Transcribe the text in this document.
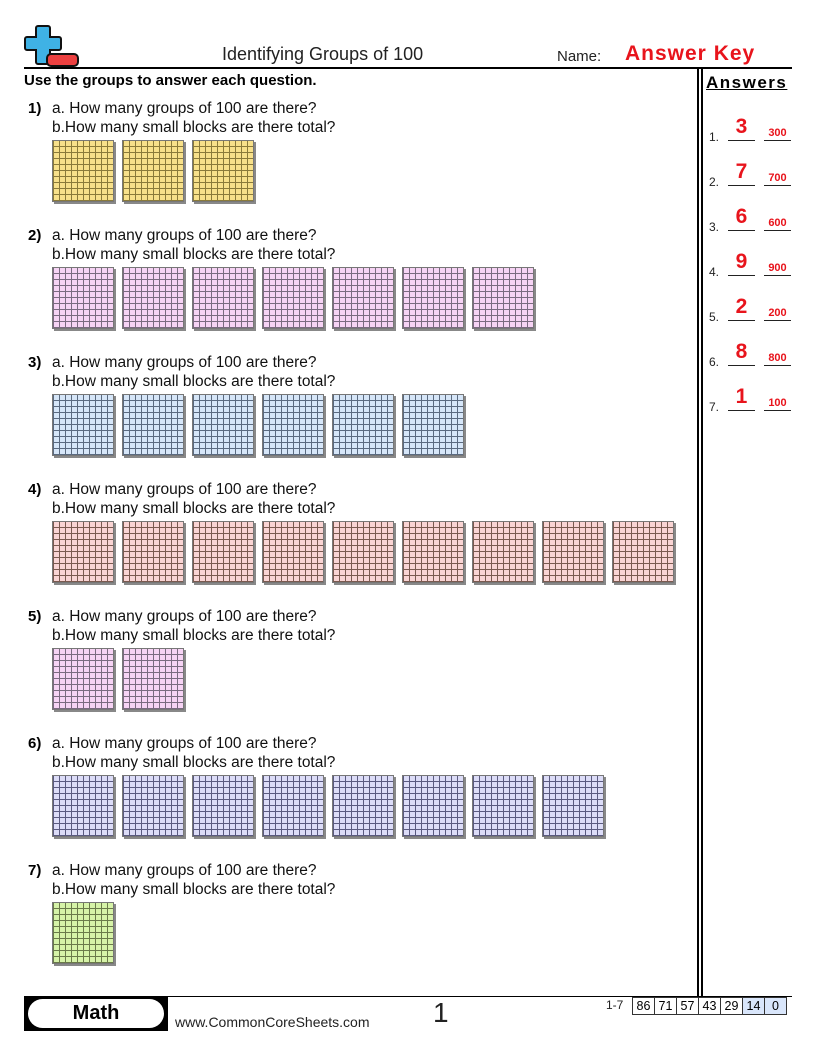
Identifying Groups of 100	Name: Answer Key
Use the groups to answer each question.	Answers
1) a. How many groups of 100 are there?
b.How many small blocks are there total?
2) a. How many groups of 100 are there?
b.How many small blocks are there total?
3) a. How many groups of 100 are there?
b.How many small blocks are there total?
4) a. How many groups of 100 are there?
b.How many small blocks are there total?
5) a. How many groups of 100 are there?
b.How many small blocks are there total?
6) a. How many groups of 100 are there?
b.How many small blocks are there total?
7) a. How many groups of 100 are there?
b.How many small blocks are there total?
1. 3	300
2. 7	700
3. 6	600
4. 9	900
5. 2	200
6. 8	800
7. 1	100
Math	www.CommonCoreSheets.com 1	1-7 86 71 57 43 29 14 0
